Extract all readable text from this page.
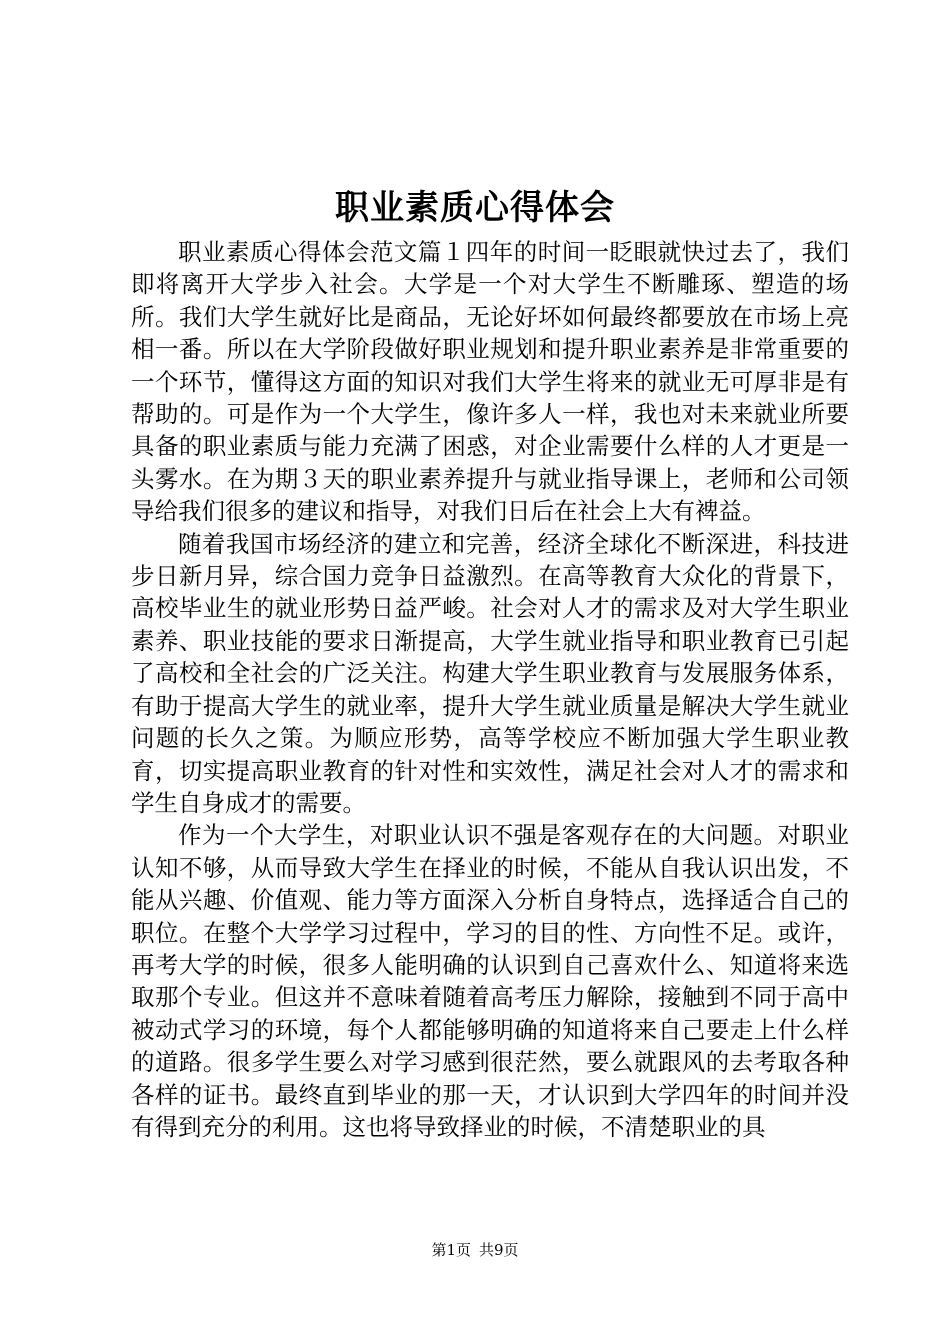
职业素质心得体会

职业素质心得体会范文篇１四年的时间一眨眼就快过去了，我们即将离开大学步入社会。大学是一个对大学生不断雕琢、塑造的场所。我们大学生就好比是商品，无论好坏如何最终都要放在市场上亮相一番。所以在大学阶段做好职业规划和提升职业素养是非常重要的一个环节，懂得这方面的知识对我们大学生将来的就业无可厚非是有帮助的。可是作为一个大学生，像许多人一样，我也对未来就业所要具备的职业素质与能力充满了困惑，对企业需要什么样的人才更是一头雾水。在为期３天的职业素养提升与就业指导课上，老师和公司领导给我们很多的建议和指导，对我们日后在社会上大有裨益。

随着我国市场经济的建立和完善，经济全球化不断深进，科技进步日新月异，综合国力竞争日益激烈。在高等教育大众化的背景下，高校毕业生的就业形势日益严峻。社会对人才的需求及对大学生职业素养、职业技能的要求日渐提高，大学生就业指导和职业教育已引起了高校和全社会的广泛关注。构建大学生职业教育与发展服务体系，有助于提高大学生的就业率，提升大学生就业质量是解决大学生就业问题的长久之策。为顺应形势，高等学校应不断加强大学生职业教育，切实提高职业教育的针对性和实效性，满足社会对人才的需求和学生自身成才的需要。

作为一个大学生，对职业认识不强是客观存在的大问题。对职业认知不够，从而导致大学生在择业的时候，不能从自我认识出发，不能从兴趣、价值观、能力等方面深入分析自身特点，选择适合自己的职位。在整个大学学习过程中，学习的目的性、方向性不足。或许，再考大学的时候，很多人能明确的认识到自己喜欢什么、知道将来选取那个专业。但这并不意味着随着高考压力解除，接触到不同于高中被动式学习的环境，每个人都能够明确的知道将来自己要走上什么样的道路。很多学生要么对学习感到很茫然，要么就跟风的去考取各种各样的证书。最终直到毕业的那一天，才认识到大学四年的时间并没有得到充分的利用。这也将导致择业的时候，不清楚职业的具

第1页 共9页
